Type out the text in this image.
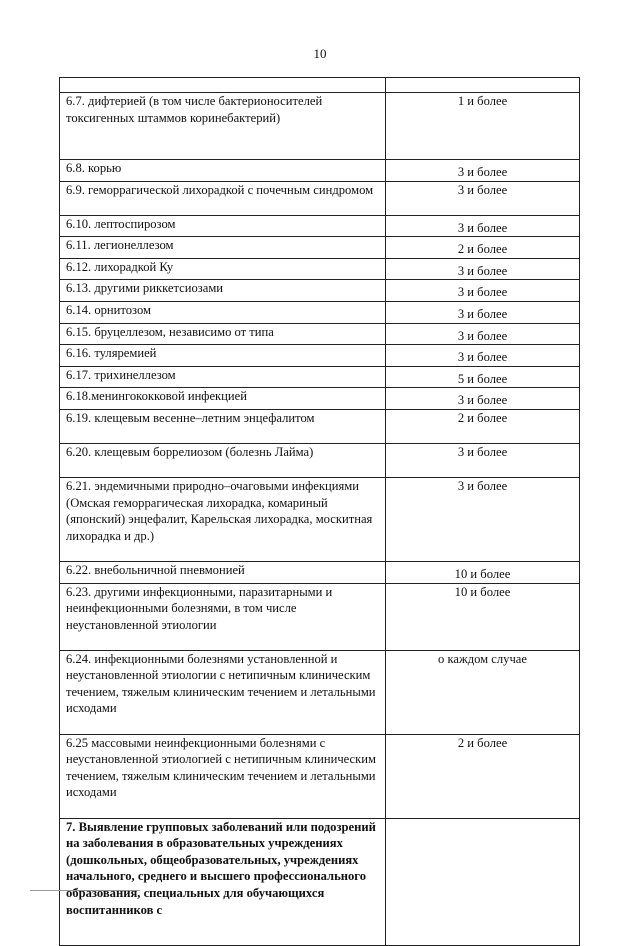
10

6.7. дифтерией (в том числе бактерионосителей токсигенных штаммов коринебактерий)	1 и более
6.8. корью	3 и более
6.9. геморрагической лихорадкой с почечным синдромом	3 и более
6.10. лептоспирозом	3 и более
6.11. легионеллезом	2 и более
6.12. лихорадкой Ку	3 и более
6.13. другими риккетсиозами	3 и более
6.14. орнитозом	3 и более
6.15. бруцеллезом, независимо от типа	3 и более
6.16. туляремией	3 и более
6.17. трихинеллезом	5 и более
6.18.менингококковой инфекцией	3 и более
6.19. клещевым весенне–летним энцефалитом	2 и более
6.20. клещевым боррелиозом (болезнь Лайма)	3 и более
6.21. эндемичными природно–очаговыми инфекциями (Омская геморрагическая лихорадка, комариный (японский) энцефалит, Карельская лихорадка, москитная лихорадка и др.)	3 и более
6.22. внебольничной пневмонией	10 и более
6.23. другими инфекционными, паразитарными и неинфекционными болезнями, в том числе неустановленной этиологии	10 и более
6.24. инфекционными болезнями установленной и неустановленной этиологии с нетипичным клиническим течением, тяжелым клиническим течением и летальными исходами	о каждом случае
6.25 массовыми неинфекционными болезнями с неустановленной этиологией с нетипичным клиническим течением, тяжелым клиническим течением и летальными исходами	2 и более
7. Выявление групповых заболеваний или подозрений на заболевания в образовательных учреждениях (дошкольных, общеобразовательных, учреждениях начального, среднего и высшего профессионального образования, специальных для обучающихся воспитанников с	
